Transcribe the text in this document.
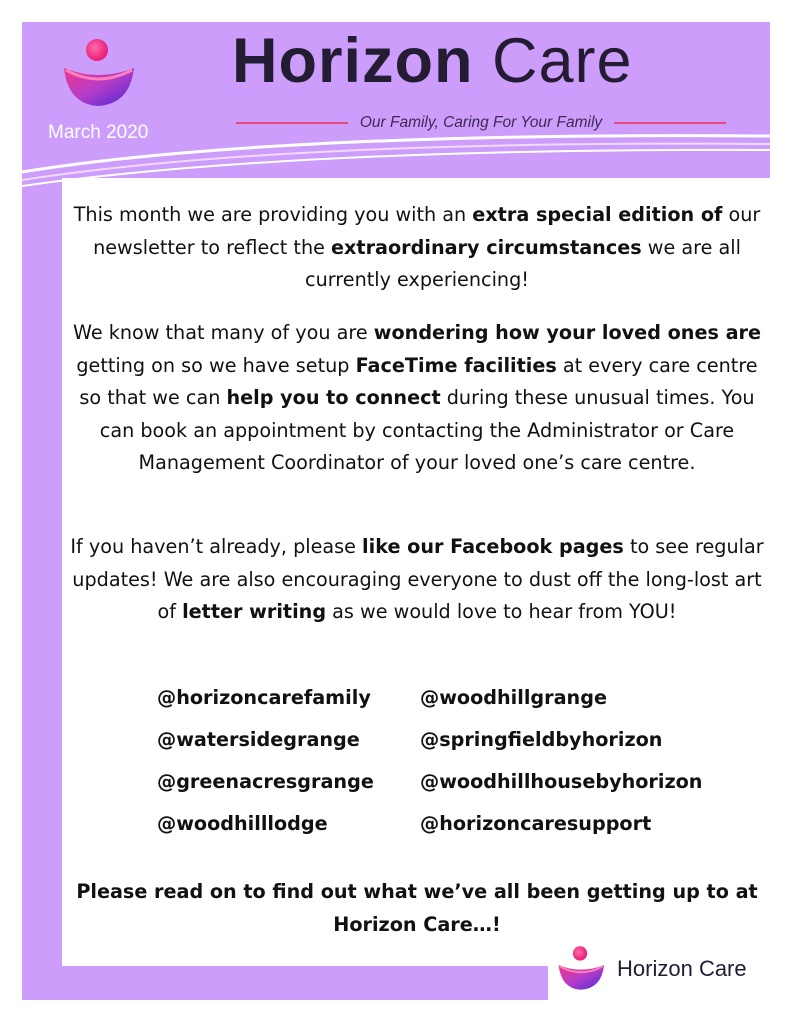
March 2020
Horizon Care
Our Family, Caring For Your Family

This month we are providing you with an extra special edition of our newsletter to reflect the extraordinary circumstances we are all currently experiencing!

We know that many of you are wondering how your loved ones are getting on so we have setup FaceTime facilities at every care centre so that we can help you to connect during these unusual times. You can book an appointment by contacting the Administrator or Care Management Coordinator of your loved one’s care centre.

If you haven’t already, please like our Facebook pages to see regular updates! We are also encouraging everyone to dust off the long-lost art of letter writing as we would love to hear from YOU!

@horizoncarefamily
@watersidegrange
@greenacresgrange
@woodhilllodge
@woodhillgrange
@springfieldbyhorizon
@woodhillhousebyhorizon
@horizoncaresupport
Please read on to find out what we’ve all been getting up to at Horizon Care…!
Horizon Care
